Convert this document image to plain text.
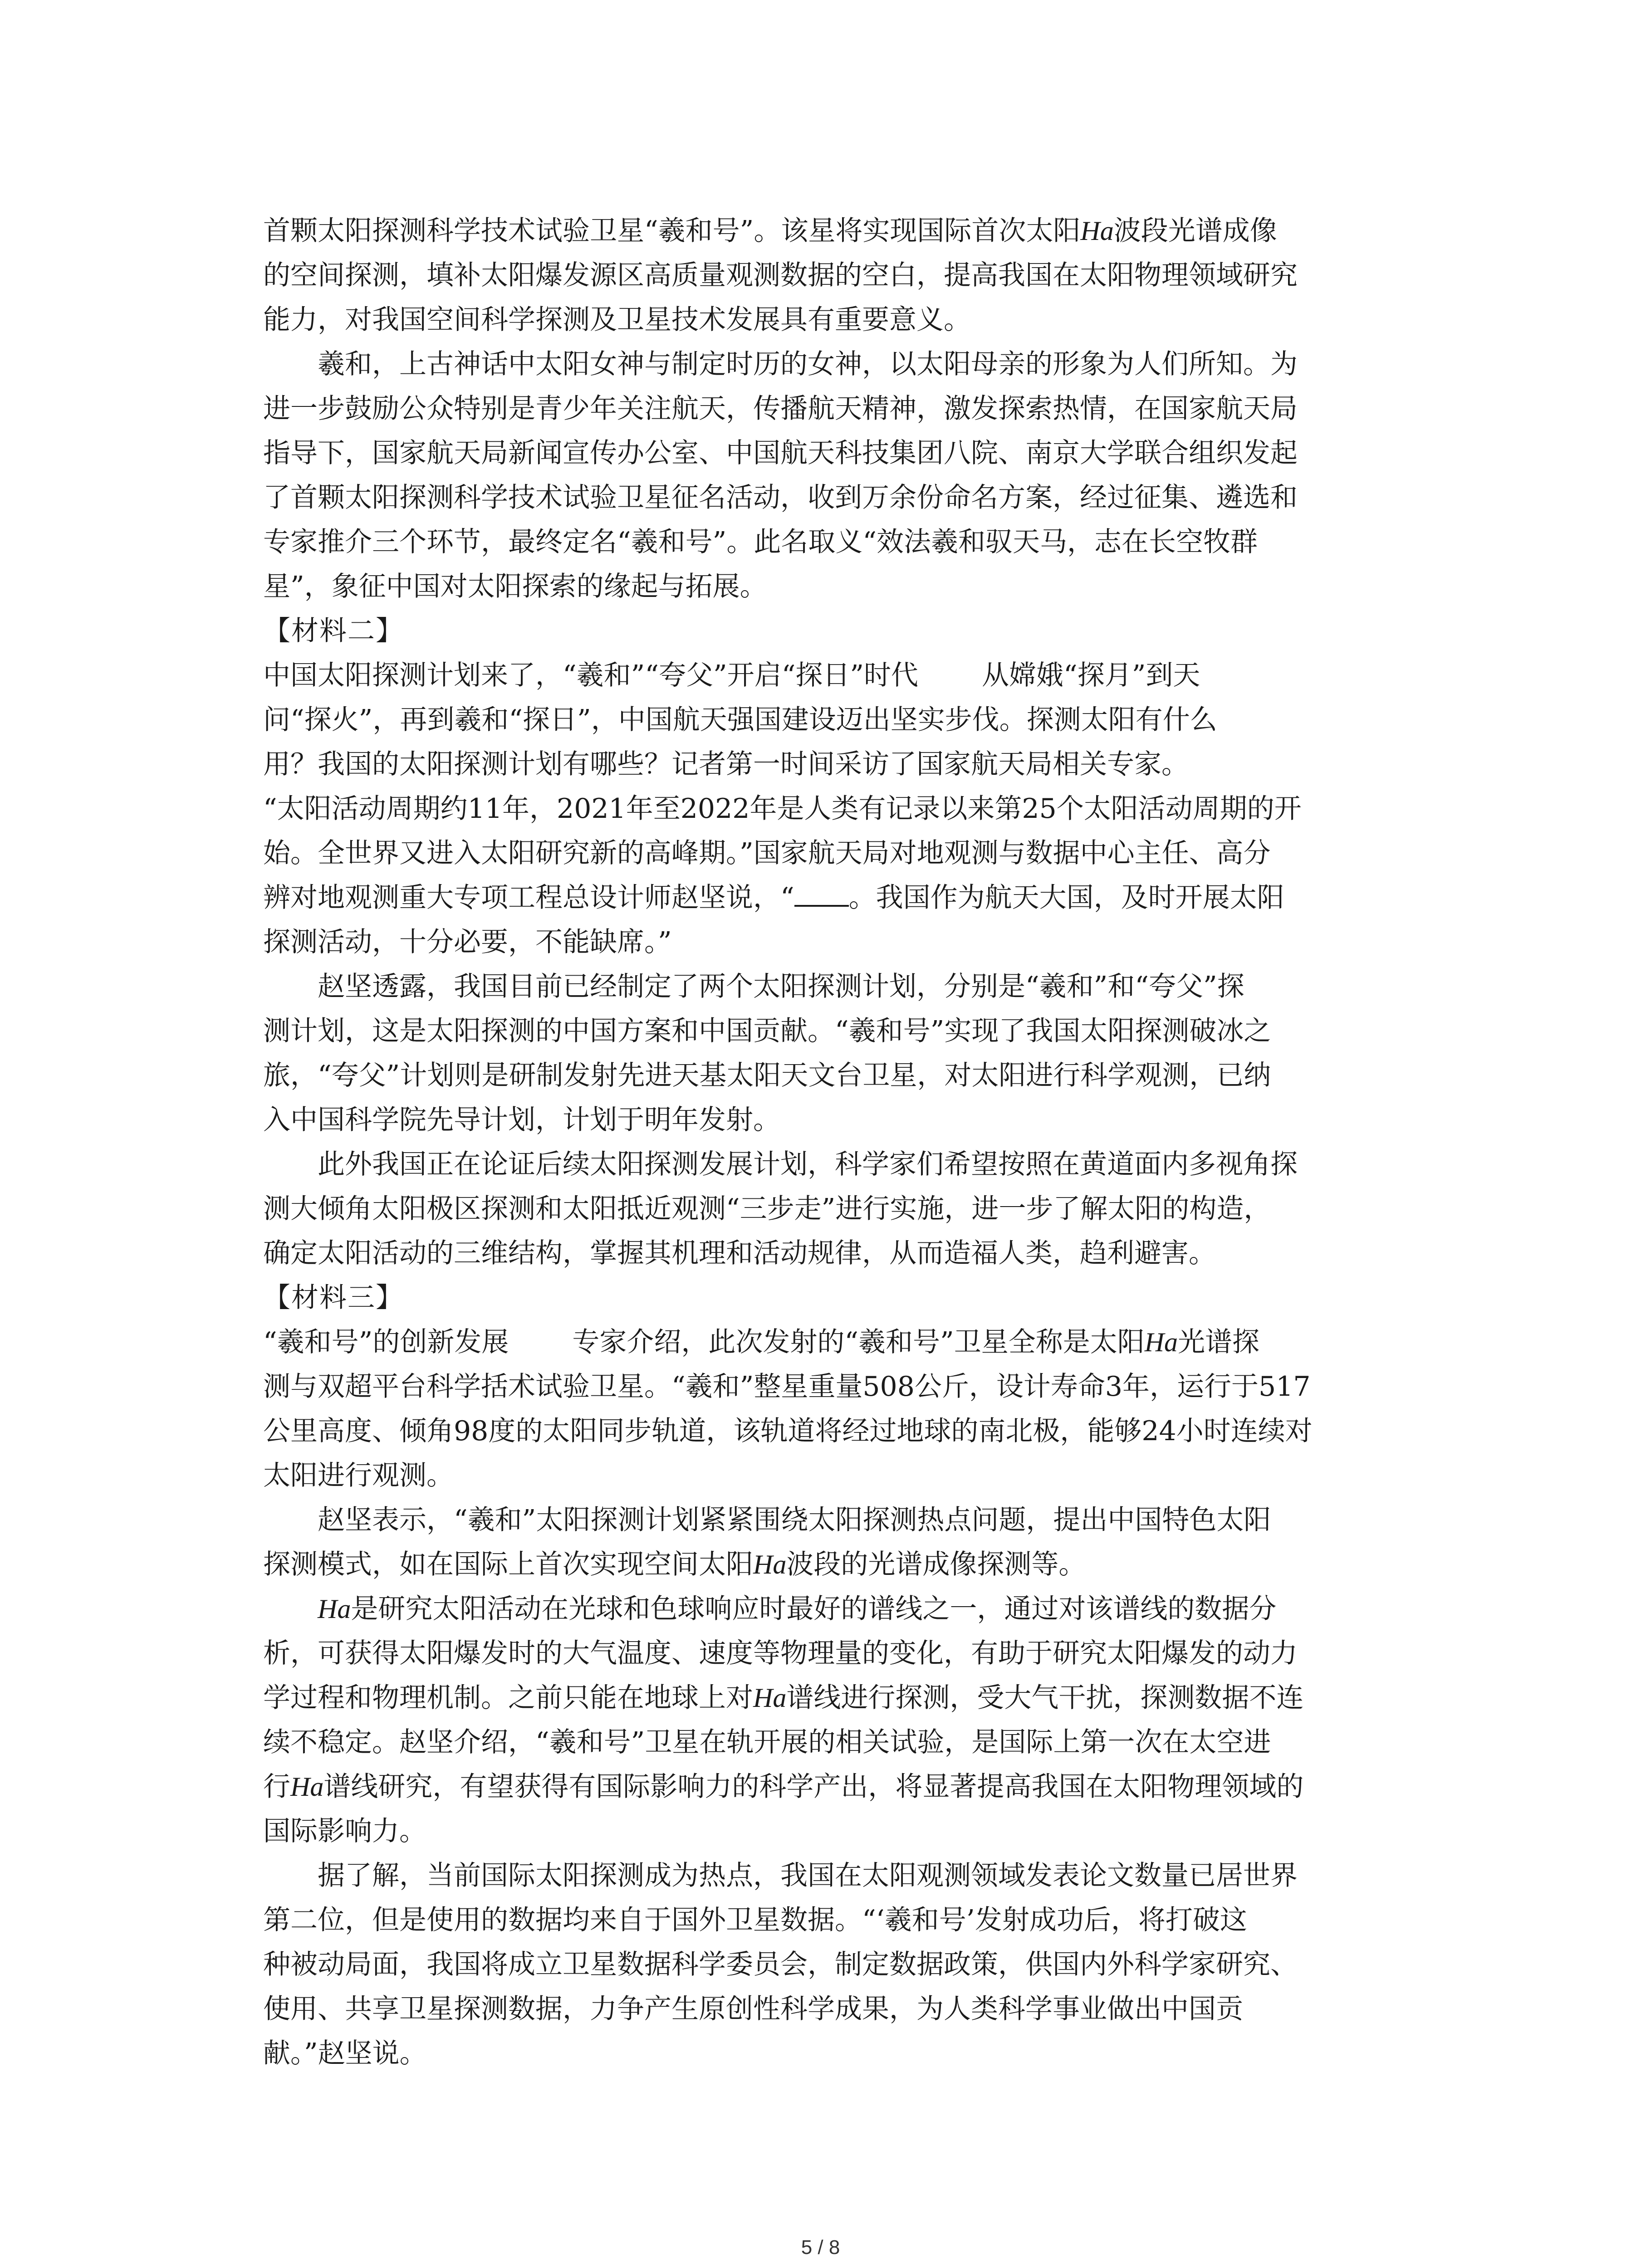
首颗太阳探测科学技术试验卫星“羲和号”。该星将实现国际首次太阳Ha波段光谱成像
的空间探测，填补太阳爆发源区高质量观测数据的空白，提高我国在太阳物理领域研究
能力，对我国空间科学探测及卫星技术发展具有重要意义。
羲和，上古神话中太阳女神与制定时历的女神，以太阳母亲的形象为人们所知。为
进一步鼓励公众特别是青少年关注航天，传播航天精神，激发探索热情，在国家航天局
指导下，国家航天局新闻宣传办公室、中国航天科技集团八院、南京大学联合组织发起
了首颗太阳探测科学技术试验卫星征名活动，收到万余份命名方案，经过征集、遴选和
专家推介三个环节，最终定名“羲和号”。此名取义“效法羲和驭天马，志在长空牧群
星”，象征中国对太阳探索的缘起与拓展。
【材料二】
中国太阳探测计划来了，“羲和”“夸父”开启“探日”时代 从嫦娥“探月”到天
问“探火”，再到羲和“探日”，中国航天强国建设迈出坚实步伐。探测太阳有什么
用？我国的太阳探测计划有哪些？记者第一时间采访了国家航天局相关专家。
“太阳活动周期约11年，2021年至2022年是人类有记录以来第25个太阳活动周期的开
始。全世界又进入太阳研究新的高峰期。”国家航天局对地观测与数据中心主任、高分
辨对地观测重大专项工程总设计师赵坚说，“ 。我国作为航天大国，及时开展太阳
探测活动，十分必要，不能缺席。”
赵坚透露，我国目前已经制定了两个太阳探测计划，分别是“羲和”和“夸父”探
测计划，这是太阳探测的中国方案和中国贡献。“羲和号”实现了我国太阳探测破冰之
旅，“夸父”计划则是研制发射先进天基太阳天文台卫星，对太阳进行科学观测，已纳
入中国科学院先导计划，计划于明年发射。
此外我国正在论证后续太阳探测发展计划，科学家们希望按照在黄道面内多视角探
测大倾角太阳极区探测和太阳抵近观测“三步走”进行实施，进一步了解太阳的构造，
确定太阳活动的三维结构，掌握其机理和活动规律，从而造福人类，趋利避害。
【材料三】
“羲和号”的创新发展 专家介绍，此次发射的“羲和号”卫星全称是太阳Ha光谱探
测与双超平台科学括术试验卫星。“羲和”整星重量508公斤，设计寿命3年，运行于517
公里高度、倾角98度的太阳同步轨道，该轨道将经过地球的南北极，能够24小时连续对
太阳进行观测。
赵坚表示，“羲和”太阳探测计划紧紧围绕太阳探测热点问题，提出中国特色太阳
探测模式，如在国际上首次实现空间太阳Ha波段的光谱成像探测等。
Ha是研究太阳活动在光球和色球响应时最好的谱线之一，通过对该谱线的数据分
析，可获得太阳爆发时的大气温度、速度等物理量的变化，有助于研究太阳爆发的动力
学过程和物理机制。之前只能在地球上对Ha谱线进行探测，受大气干扰，探测数据不连
续不稳定。赵坚介绍，“羲和号”卫星在轨开展的相关试验，是国际上第一次在太空进
行Ha谱线研究，有望获得有国际影响力的科学产出，将显著提高我国在太阳物理领域的
国际影响力。
据了解，当前国际太阳探测成为热点，我国在太阳观测领域发表论文数量已居世界
第二位，但是使用的数据均来自于国外卫星数据。“‘羲和号’发射成功后，将打破这
种被动局面，我国将成立卫星数据科学委员会，制定数据政策，供国内外科学家研究、
使用、共享卫星探测数据，力争产生原创性科学成果，为人类科学事业做出中国贡
献。”赵坚说。
5 / 8
